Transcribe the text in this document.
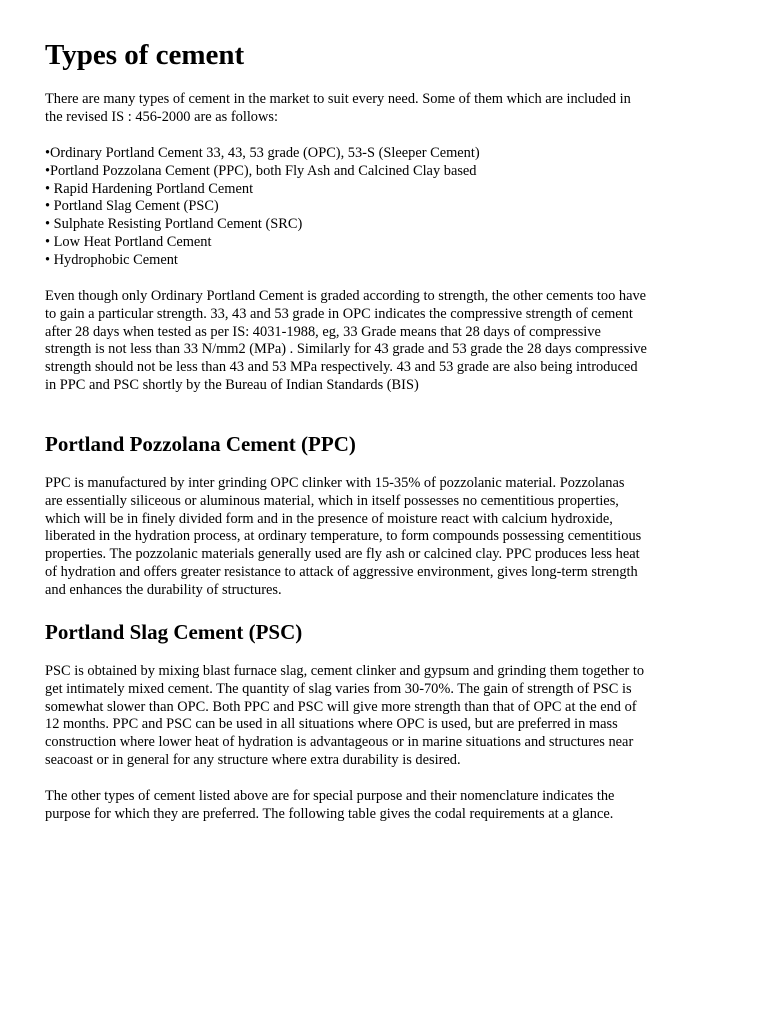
Types of cement

There are many types of cement in the market to suit every need. Some of them which are included in
the revised IS : 456-2000 are as follows:

•Ordinary Portland Cement 33, 43, 53 grade (OPC), 53-S (Sleeper Cement)
•Portland Pozzolana Cement (PPC), both Fly Ash and Calcined Clay based
• Rapid Hardening Portland Cement
• Portland Slag Cement (PSC)
• Sulphate Resisting Portland Cement (SRC)
• Low Heat Portland Cement
• Hydrophobic Cement

Even though only Ordinary Portland Cement is graded according to strength, the other cements too have
to gain a particular strength. 33, 43 and 53 grade in OPC indicates the compressive strength of cement
after 28 days when tested as per IS: 4031-1988, eg, 33 Grade means that 28 days of compressive
strength is not less than 33 N/mm2 (MPa) . Similarly for 43 grade and 53 grade the 28 days compressive
strength should not be less than 43 and 53 MPa respectively. 43 and 53 grade are also being introduced
in PPC and PSC shortly by the Bureau of Indian Standards (BIS)

Portland Pozzolana Cement (PPC)

PPC is manufactured by inter grinding OPC clinker with 15-35% of pozzolanic material. Pozzolanas
are essentially siliceous or aluminous material, which in itself possesses no cementitious properties,
which will be in finely divided form and in the presence of moisture react with calcium hydroxide,
liberated in the hydration process, at ordinary temperature, to form compounds possessing cementitious
properties. The pozzolanic materials generally used are fly ash or calcined clay. PPC produces less heat
of hydration and offers greater resistance to attack of aggressive environment, gives long-term strength
and enhances the durability of structures.

Portland Slag Cement (PSC)

PSC is obtained by mixing blast furnace slag, cement clinker and gypsum and grinding them together to
get intimately mixed cement. The quantity of slag varies from 30-70%. The gain of strength of PSC is
somewhat slower than OPC. Both PPC and PSC will give more strength than that of OPC at the end of
12 months. PPC and PSC can be used in all situations where OPC is used, but are preferred in mass
construction where lower heat of hydration is advantageous or in marine situations and structures near
seacoast or in general for any structure where extra durability is desired.

The other types of cement listed above are for special purpose and their nomenclature indicates the
purpose for which they are preferred. The following table gives the codal requirements at a glance.
